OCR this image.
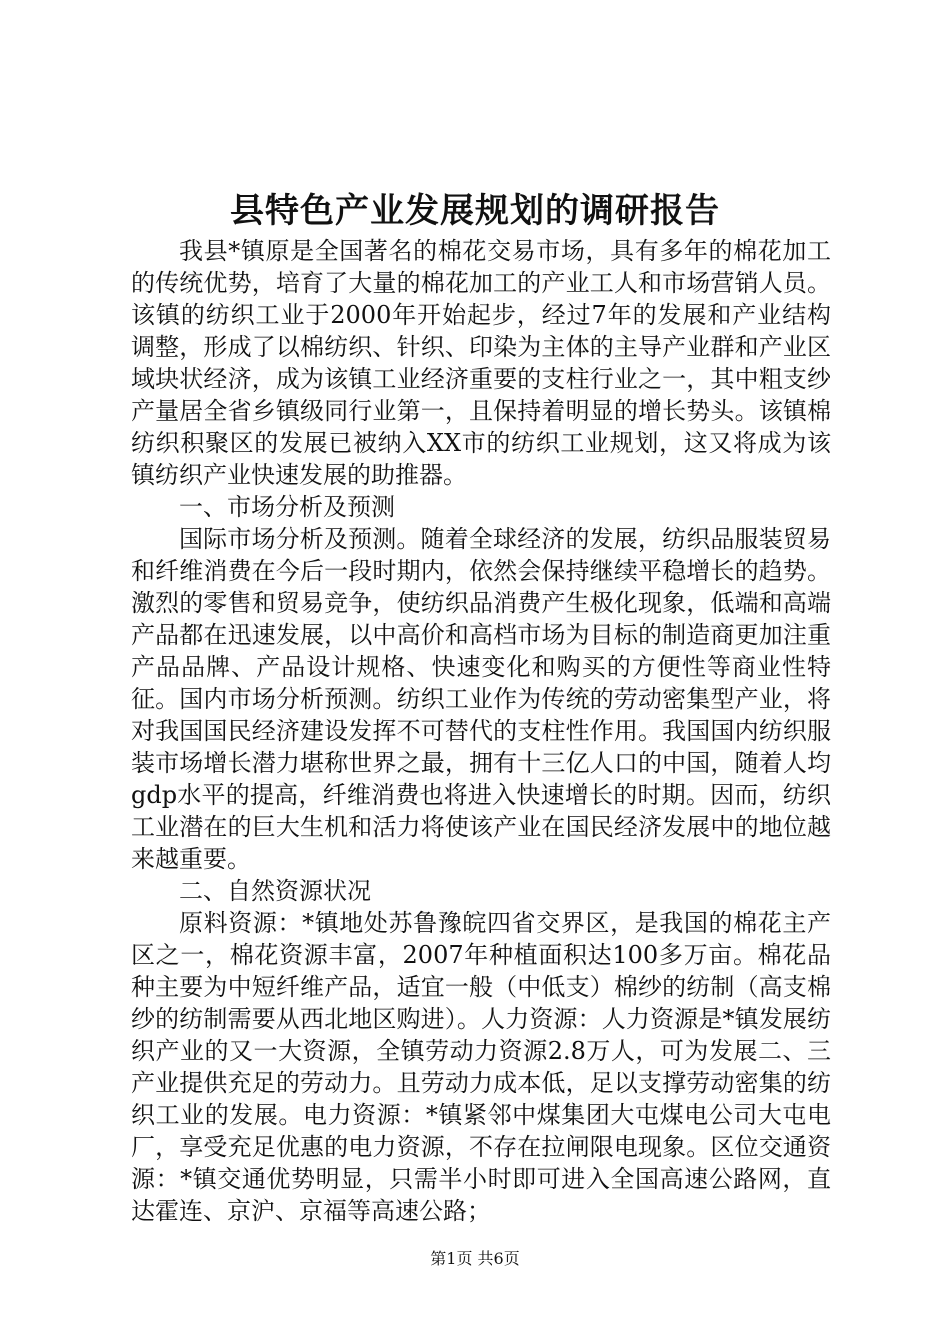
县特色产业发展规划的调研报告

我县*镇原是全国著名的棉花交易市场，具有多年的棉花加工的传统优势，培育了大量的棉花加工的产业工人和市场营销人员。该镇的纺织工业于2000年开始起步，经过7年的发展和产业结构调整，形成了以棉纺织、针织、印染为主体的主导产业群和产业区域块状经济，成为该镇工业经济重要的支柱行业之一，其中粗支纱产量居全省乡镇级同行业第一，且保持着明显的增长势头。该镇棉纺织积聚区的发展已被纳入XX市的纺织工业规划，这又将成为该镇纺织产业快速发展的助推器。

一、市场分析及预测

国际市场分析及预测。随着全球经济的发展，纺织品服装贸易和纤维消费在今后一段时期内，依然会保持继续平稳增长的趋势。激烈的零售和贸易竞争，使纺织品消费产生极化现象，低端和高端产品都在迅速发展，以中高价和高档市场为目标的制造商更加注重产品品牌、产品设计规格、快速变化和购买的方便性等商业性特征。国内市场分析预测。纺织工业作为传统的劳动密集型产业，将对我国国民经济建设发挥不可替代的支柱性作用。我国国内纺织服装市场增长潜力堪称世界之最，拥有十三亿人口的中国，随着人均gdp水平的提高，纤维消费也将进入快速增长的时期。因而，纺织工业潜在的巨大生机和活力将使该产业在国民经济发展中的地位越来越重要。

二、自然资源状况

原料资源：*镇地处苏鲁豫皖四省交界区，是我国的棉花主产区之一，棉花资源丰富，2007年种植面积达100多万亩。棉花品种主要为中短纤维产品，适宜一般（中低支）棉纱的纺制（高支棉纱的纺制需要从西北地区购进）。人力资源：人力资源是*镇发展纺织产业的又一大资源，全镇劳动力资源2.8万人，可为发展二、三产业提供充足的劳动力。且劳动力成本低，足以支撑劳动密集的纺织工业的发展。电力资源：*镇紧邻中煤集团大屯煤电公司大屯电厂，享受充足优惠的电力资源，不存在拉闸限电现象。区位交通资源：*镇交通优势明显，只需半小时即可进入全国高速公路网，直达霍连、京沪、京福等高速公路；

第1页 共6页
